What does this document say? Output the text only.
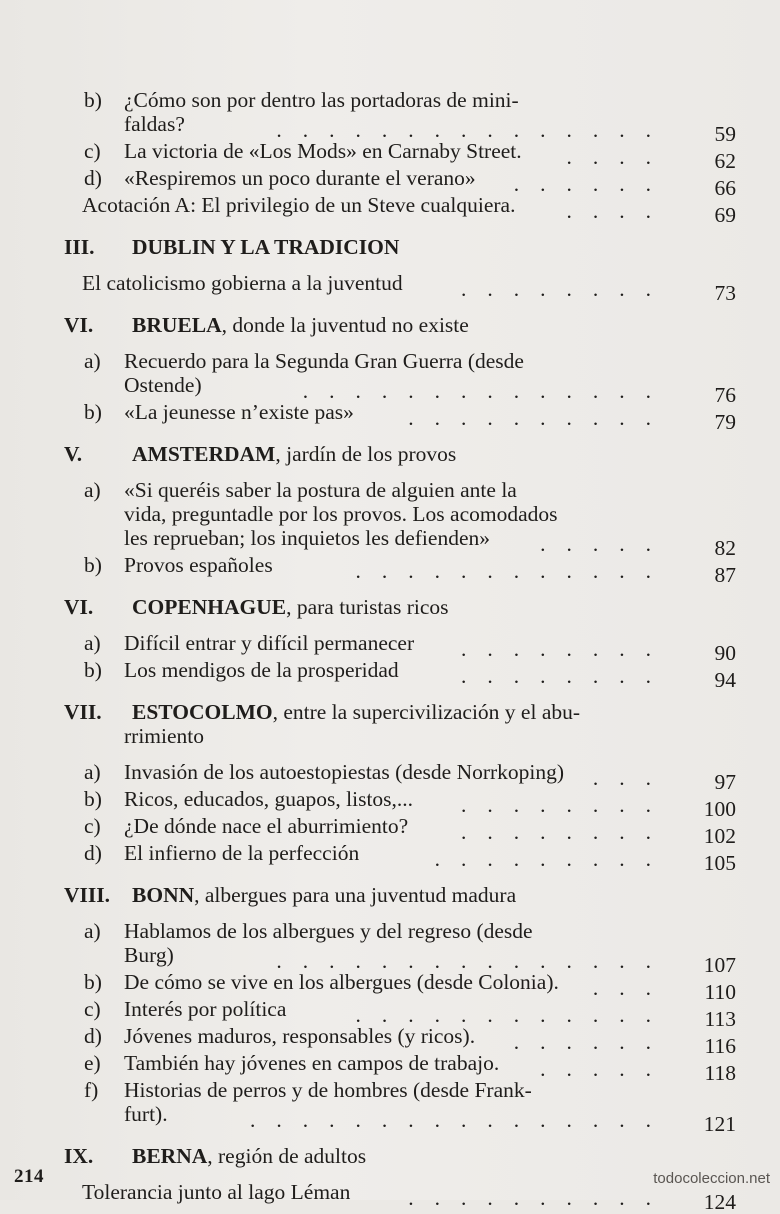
b) ¿Cómo son por dentro las portadoras de mini-
faldas?	59
...............
c) La victoria de «Los Mods» en Carnaby Street.	62
....
d) «Respiremos un poco durante el verano»	66
......
Acotación A: El privilegio de un Steve cualquiera.	69
....
III. DUBLIN Y LA TRADICION
El catolicismo gobierna a la juventud	73
........
VI. BRUELA, donde la juventud no existe
a) Recuerdo para la Segunda Gran Guerra (desde
Ostende)	76
..............
b) «La jeunesse n’existe pas»	79
..........
V. AMSTERDAM, jardín de los provos
a) «Si queréis saber la postura de alguien ante la
vida, preguntadle por los provos. Los acomodados
les reprueban; los inquietos les defienden»	82
.....
b) Provos españoles	87
............
VI. COPENHAGUE, para turistas ricos
a) Difícil entrar y difícil permanecer	90
........
b) Los mendigos de la prosperidad	94
........
VII. ESTOCOLMO, entre la supercivilización y el abu-
rrimiento
a) Invasión de los autoestopiestas (desde Norrkoping)	97
...
b) Ricos, educados, guapos, listos,...	100
........
c) ¿De dónde nace el aburrimiento?	102
........
d) El infierno de la perfección	105
.........
VIII. BONN, albergues para una juventud madura
a) Hablamos de los albergues y del regreso (desde
Burg)	107
...............
b) De cómo se vive en los albergues (desde Colonia).	110
...
c) Interés por política	113
............
d) Jóvenes maduros, responsables (y ricos).	116
......
e) También hay jóvenes en campos de trabajo.	118
.....
f) Historias de perros y de hombres (desde Frank-
furt).	121
................
IX. BERNA, región de adultos
Tolerancia junto al lago Léman	124
..........
214	todocoleccion.net
